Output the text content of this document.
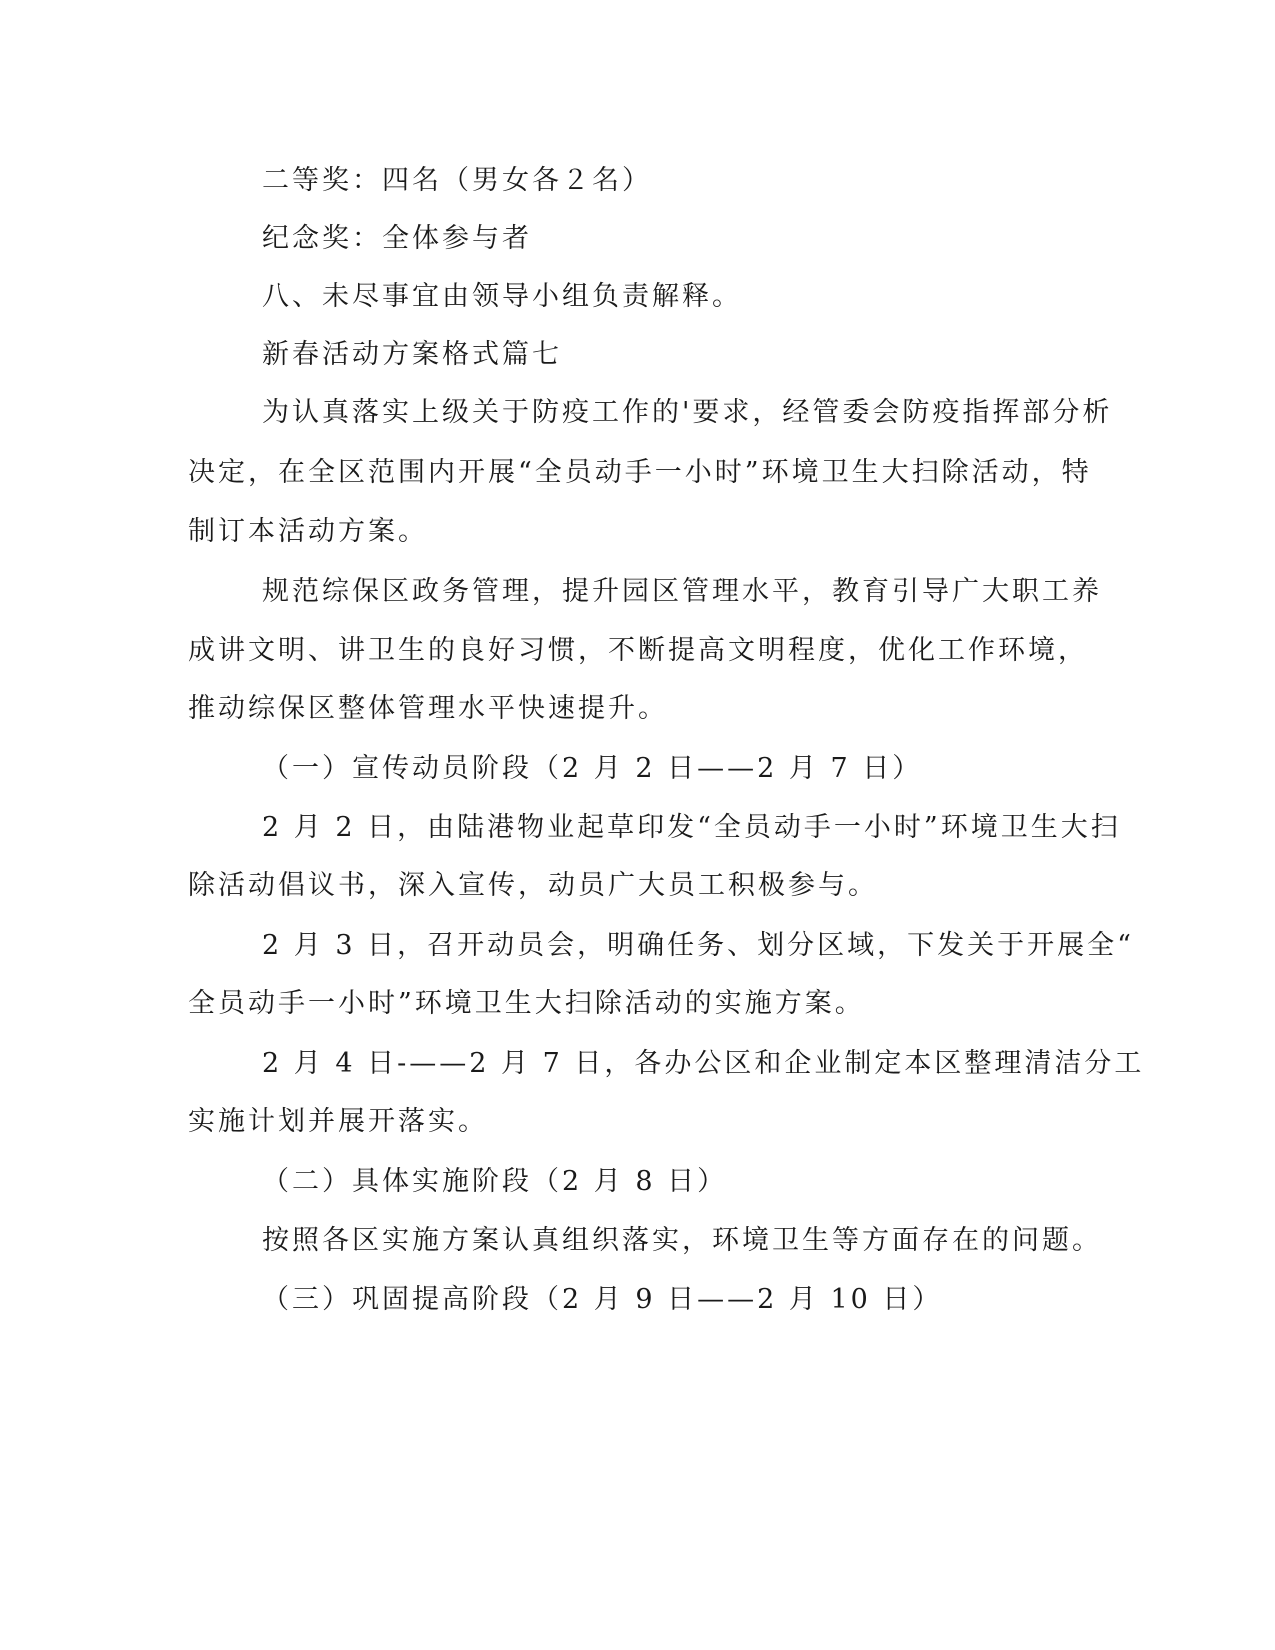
二等奖：四名（男女各２名）
纪念奖：全体参与者
八、未尽事宜由领导小组负责解释。
新春活动方案格式篇七
为认真落实上级关于防疫工作的'要求，经管委会防疫指挥部分析
决定，在全区范围内开展“全员动手一小时”环境卫生大扫除活动，特
制订本活动方案。
规范综保区政务管理，提升园区管理水平，教育引导广大职工养
成讲文明、讲卫生的良好习惯，不断提高文明程度，优化工作环境，
推动综保区整体管理水平快速提升。
（一）宣传动员阶段（2 月 2 日——2 月 7 日）
2 月 2 日，由陆港物业起草印发“全员动手一小时”环境卫生大扫
除活动倡议书，深入宣传，动员广大员工积极参与。
2 月 3 日，召开动员会，明确任务、划分区域，下发关于开展全“
全员动手一小时”环境卫生大扫除活动的实施方案。
2 月 4 日-——2 月 7 日，各办公区和企业制定本区整理清洁分工
实施计划并展开落实。
（二）具体实施阶段（2 月 8 日）
按照各区实施方案认真组织落实，环境卫生等方面存在的问题。
（三）巩固提高阶段（2 月 9 日——2 月 10 日）
